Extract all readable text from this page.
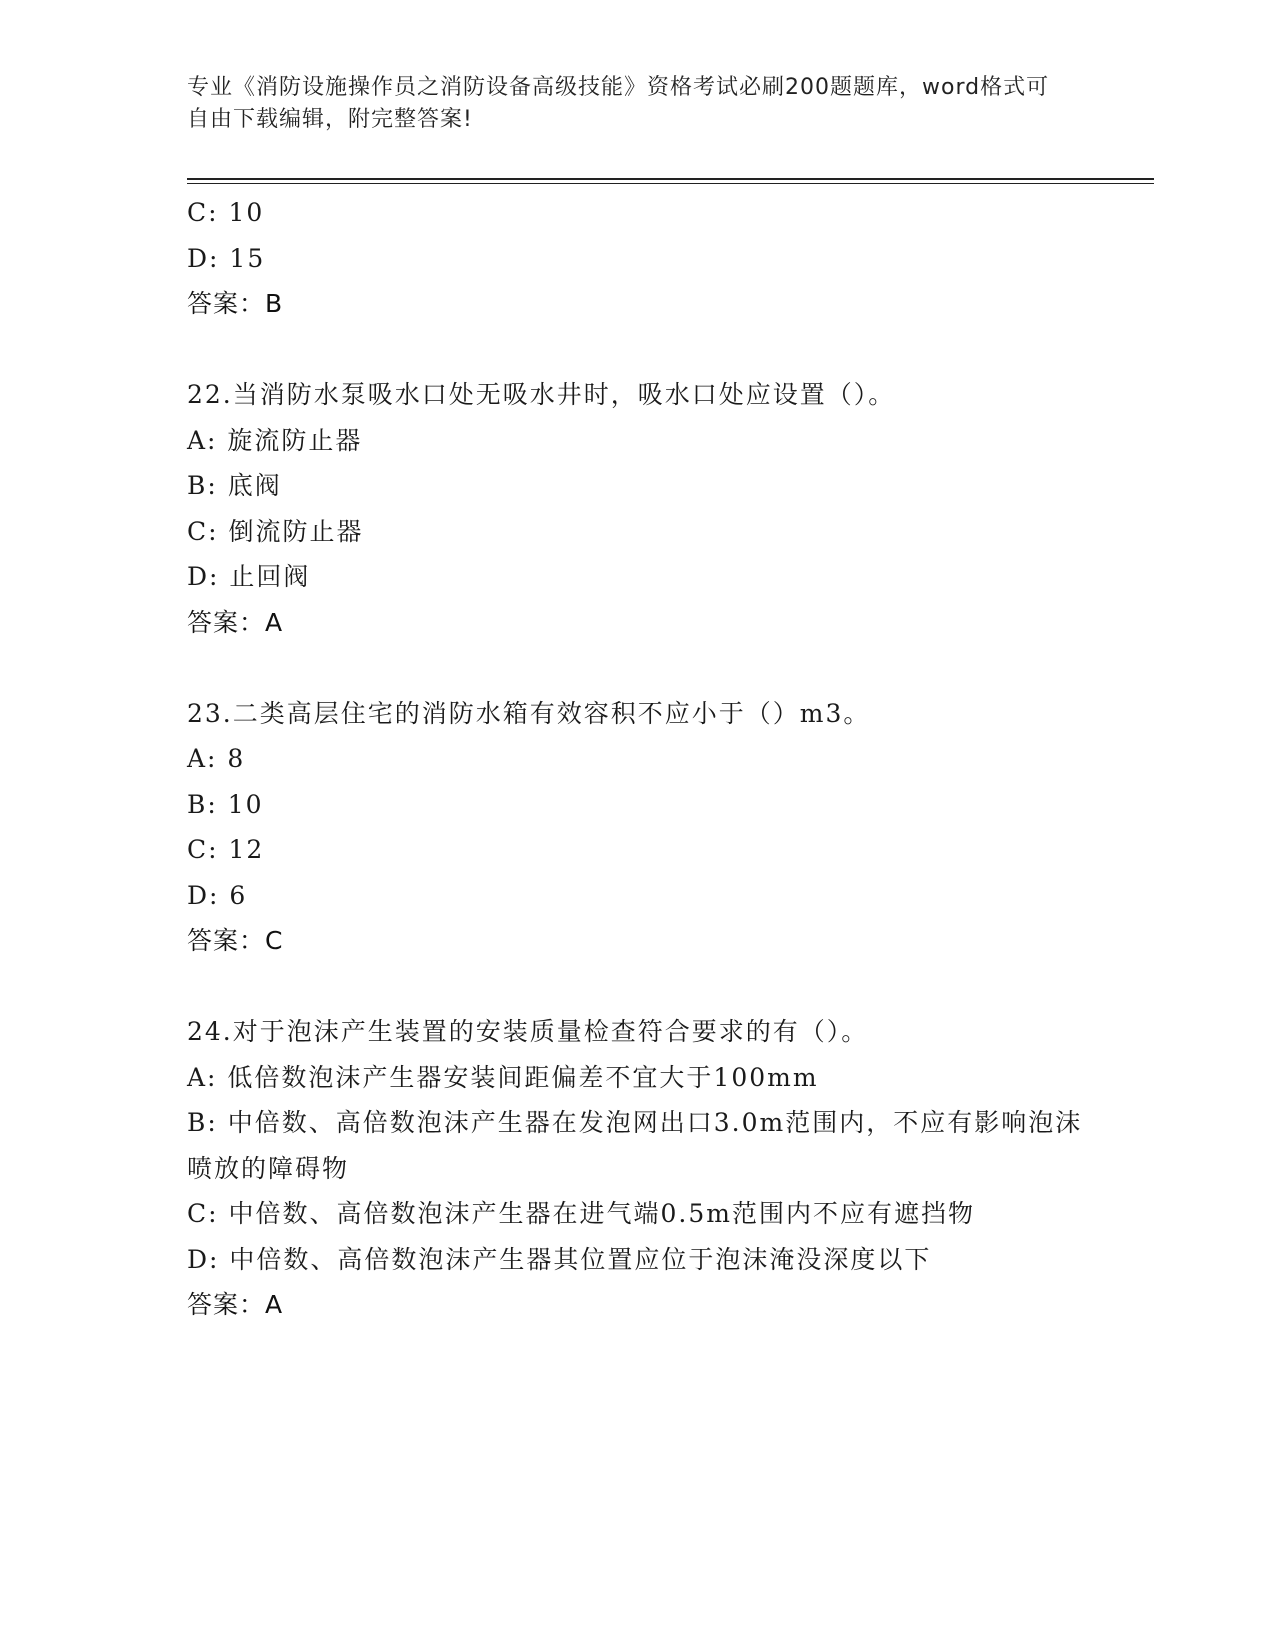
专业《消防设施操作员之消防设备高级技能》资格考试必刷200题题库，word格式可自由下载编辑，附完整答案!
C: 10
D: 15
答案：B
22.当消防水泵吸水口处无吸水井时，吸水口处应设置（）。
A: 旋流防止器
B: 底阀
C: 倒流防止器
D: 止回阀
答案：A
23.二类高层住宅的消防水箱有效容积不应小于（）m3。
A: 8
B: 10
C: 12
D: 6
答案：C
24.对于泡沫产生装置的安装质量检查符合要求的有（）。
A: 低倍数泡沫产生器安装间距偏差不宜大于100mm
B: 中倍数、高倍数泡沫产生器在发泡网出口3.0m范围内，不应有影响泡沫喷放的障碍物
C: 中倍数、高倍数泡沫产生器在进气端0.5m范围内不应有遮挡物
D: 中倍数、高倍数泡沫产生器其位置应位于泡沫淹没深度以下
答案：A
